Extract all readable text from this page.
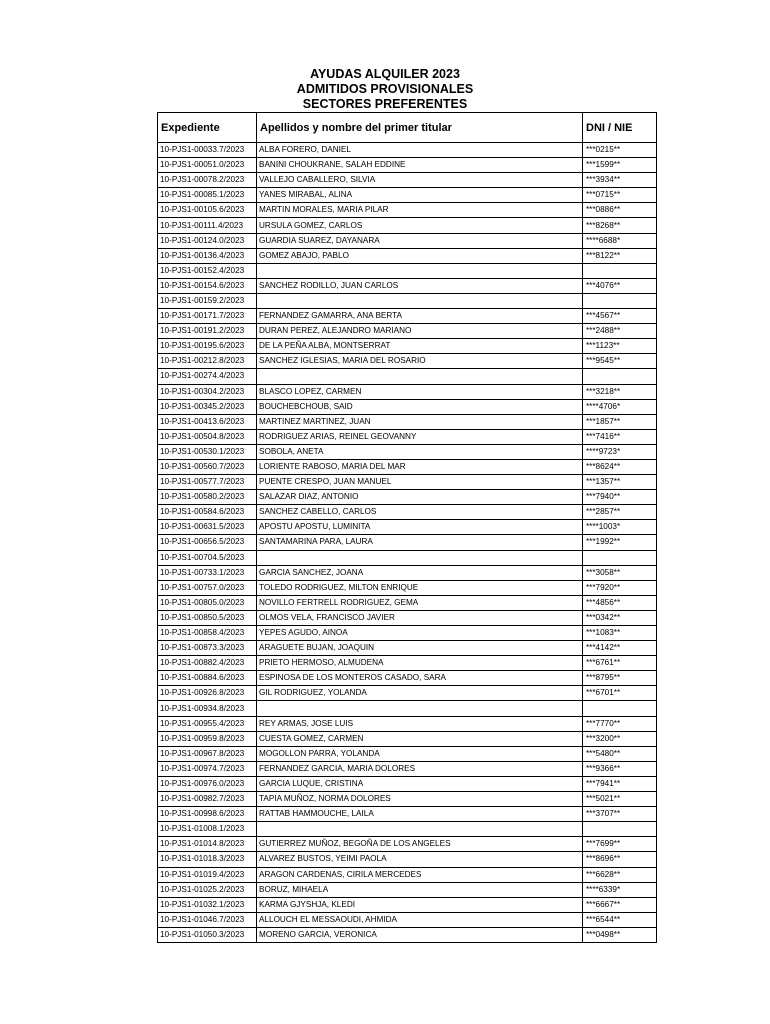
AYUDAS ALQUILER 2023
ADMITIDOS PROVISIONALES
SECTORES PREFERENTES
Expediente	Apellidos y nombre del primer titular	DNI / NIE
10-PJS1-00033.7/2023	ALBA FORERO, DANIEL	***0215**
10-PJS1-00051.0/2023	BANINI CHOUKRANE, SALAH EDDINE	***1599**
10-PJS1-00078.2/2023	VALLEJO CABALLERO, SILVIA	***3934**
10-PJS1-00085.1/2023	YANES MIRABAL, ALINA	***0715**
10-PJS1-00105.6/2023	MARTIN MORALES, MARIA PILAR	***0886**
10-PJS1-00111.4/2023	URSULA GOMEZ, CARLOS	***8268**
10-PJS1-00124.0/2023	GUARDIA SUAREZ, DAYANARA	****6688*
10-PJS1-00136.4/2023	GOMEZ ABAJO, PABLO	***8122**
10-PJS1-00152.4/2023		
10-PJS1-00154.6/2023	SANCHEZ RODILLO, JUAN CARLOS	***4076**
10-PJS1-00159.2/2023		
10-PJS1-00171.7/2023	FERNANDEZ GAMARRA, ANA BERTA	***4567**
10-PJS1-00191.2/2023	DURAN PEREZ, ALEJANDRO MARIANO	***2488**
10-PJS1-00195.6/2023	DE LA PEÑA ALBA, MONTSERRAT	***1123**
10-PJS1-00212.8/2023	SANCHEZ IGLESIAS, MARIA DEL ROSARIO	***9545**
10-PJS1-00274.4/2023		
10-PJS1-00304.2/2023	BLASCO LOPEZ, CARMEN	***3218**
10-PJS1-00345.2/2023	BOUCHEBCHOUB, SAID	****4706*
10-PJS1-00413.6/2023	MARTINEZ MARTINEZ, JUAN	***1857**
10-PJS1-00504.8/2023	RODRIGUEZ ARIAS, REINEL GEOVANNY	***7416**
10-PJS1-00530.1/2023	SOBOLA, ANETA	****9723*
10-PJS1-00560.7/2023	LORIENTE RABOSO, MARIA DEL MAR	***8624**
10-PJS1-00577.7/2023	PUENTE CRESPO, JUAN MANUEL	***1357**
10-PJS1-00580.2/2023	SALAZAR DIAZ, ANTONIO	***7940**
10-PJS1-00584.6/2023	SANCHEZ CABELLO, CARLOS	***2857**
10-PJS1-00631.5/2023	APOSTU APOSTU, LUMINITA	****1003*
10-PJS1-00656.5/2023	SANTAMARINA PARA, LAURA	***1992**
10-PJS1-00704.5/2023		
10-PJS1-00733.1/2023	GARCIA SANCHEZ, JOANA	***3058**
10-PJS1-00757.0/2023	TOLEDO RODRIGUEZ, MILTON ENRIQUE	***7920**
10-PJS1-00805.0/2023	NOVILLO FERTRELL RODRIGUEZ, GEMA	***4856**
10-PJS1-00850.5/2023	OLMOS VELA, FRANCISCO JAVIER	***0342**
10-PJS1-00858.4/2023	YEPES AGUDO, AINOA	***1083**
10-PJS1-00873.3/2023	ARAGUETE BUJAN, JOAQUIN	***4142**
10-PJS1-00882.4/2023	PRIETO HERMOSO, ALMUDENA	***6761**
10-PJS1-00884.6/2023	ESPINOSA DE LOS MONTEROS CASADO, SARA	***8795**
10-PJS1-00926.8/2023	GIL RODRIGUEZ, YOLANDA	***6701**
10-PJS1-00934.8/2023		
10-PJS1-00955.4/2023	REY ARMAS, JOSE LUIS	***7770**
10-PJS1-00959.8/2023	CUESTA GOMEZ, CARMEN	***3200**
10-PJS1-00967.8/2023	MOGOLLON PARRA, YOLANDA	***5480**
10-PJS1-00974.7/2023	FERNANDEZ GARCIA, MARIA DOLORES	***9366**
10-PJS1-00976.0/2023	GARCIA LUQUE, CRISTINA	***7941**
10-PJS1-00982.7/2023	TAPIA MUÑOZ, NORMA DOLORES	***5021**
10-PJS1-00998.6/2023	RATTAB HAMMOUCHE, LAILA	***3707**
10-PJS1-01008.1/2023		
10-PJS1-01014.8/2023	GUTIERREZ MUÑOZ, BEGOÑA DE LOS ANGELES	***7699**
10-PJS1-01018.3/2023	ALVAREZ BUSTOS, YEIMI PAOLA	***8696**
10-PJS1-01019.4/2023	ARAGON CARDENAS, CIRILA MERCEDES	***6628**
10-PJS1-01025.2/2023	BORUZ, MIHAELA	****6339*
10-PJS1-01032.1/2023	KARMA GJYSHJA, KLEDI	***6667**
10-PJS1-01046.7/2023	ALLOUCH EL MESSAOUDI, AHMIDA	***6544**
10-PJS1-01050.3/2023	MORENO GARCIA, VERONICA	***0498**
